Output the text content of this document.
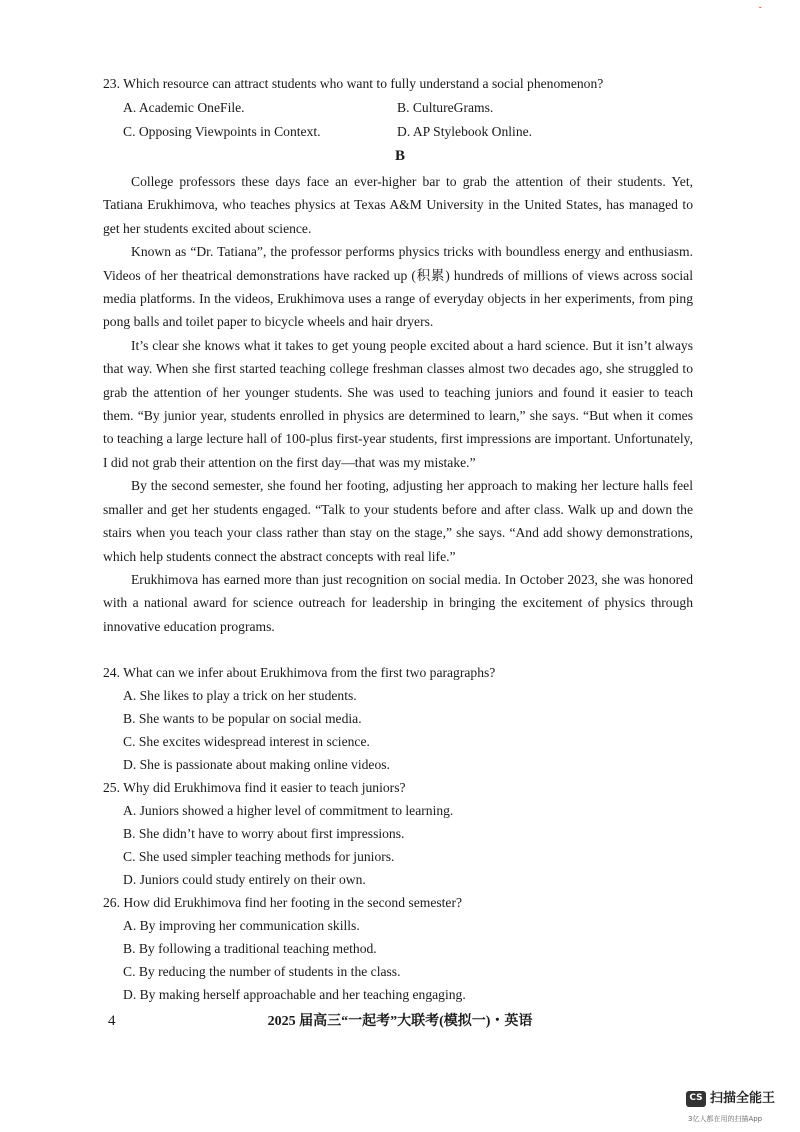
ˇ
23. Which resource can attract students who want to fully understand a social phenomenon?
A. Academic OneFile.	B. CultureGrams.
C. Opposing Viewpoints in Context.	D. AP Stylebook Online.
B

College professors these days face an ever-higher bar to grab the attention of their students. Yet, Tatiana Erukhimova, who teaches physics at Texas A&M University in the United States, has managed to get her students excited about science.

Known as “Dr. Tatiana”, the professor performs physics tricks with boundless energy and enthusiasm. Videos of her theatrical demonstrations have racked up (积累) hundreds of millions of views across social media platforms. In the videos, Erukhimova uses a range of everyday objects in her experiments, from ping pong balls and toilet paper to bicycle wheels and hair dryers.

It’s clear she knows what it takes to get young people excited about a hard science. But it isn’t always that way. When she first started teaching college freshman classes almost two decades ago, she struggled to grab the attention of her younger students. She was used to teaching juniors and found it easier to teach them. “By junior year, students enrolled in physics are determined to learn,” she says. “But when it comes to teaching a large lecture hall of 100-plus first-year students, first impressions are important. Unfortunately, I did not grab their attention on the first day—that was my mistake.”

By the second semester, she found her footing, adjusting her approach to making her lecture halls feel smaller and get her students engaged. “Talk to your students before and after class. Walk up and down the stairs when you teach your class rather than stay on the stage,” she says. “And add showy demonstrations, which help students connect the abstract concepts with real life.”

Erukhimova has earned more than just recognition on social media. In October 2023, she was honored with a national award for science outreach for leadership in bringing the excitement of physics through innovative education programs.

24. What can we infer about Erukhimova from the first two paragraphs?
A. She likes to play a trick on her students.
B. She wants to be popular on social media.
C. She excites widespread interest in science.
D. She is passionate about making online videos.
25. Why did Erukhimova find it easier to teach juniors?
A. Juniors showed a higher level of commitment to learning.
B. She didn’t have to worry about first impressions.
C. She used simpler teaching methods for juniors.
D. Juniors could study entirely on their own.
26. How did Erukhimova find her footing in the second semester?
A. By improving her communication skills.
B. By following a traditional teaching method.
C. By reducing the number of students in the class.
D. By making herself approachable and her teaching engaging.
4	2025 届高三“一起考”大联考(模拟一)・英语
CS 扫描全能王
3亿人都在用的扫描App
